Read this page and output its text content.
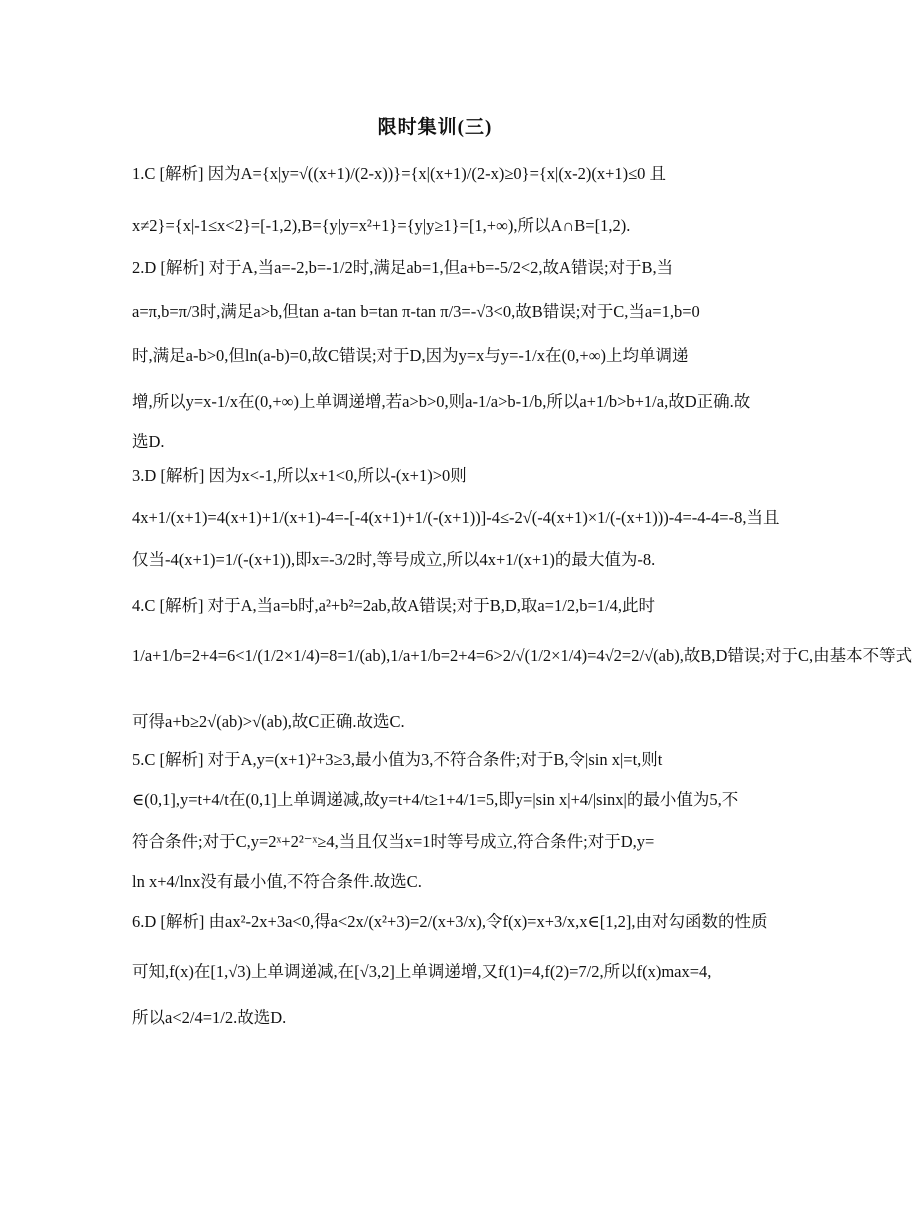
限时集训(三)
1.C [解析] 因为A={x|y=√((x+1)/(2-x))}={x|(x+1)/(2-x)≥0}={x|(x-2)(x+1)≤0 且
x≠2}={x|-1≤x<2}=[-1,2),B={y|y=x²+1}={y|y≥1}=[1,+∞),所以A∩B=[1,2).
2.D [解析] 对于A,当a=-2,b=-1/2时,满足ab=1,但a+b=-5/2<2,故A错误;对于B,当
a=π,b=π/3时,满足a>b,但tan a-tan b=tan π-tan π/3=-√3<0,故B错误;对于C,当a=1,b=0
时,满足a-b>0,但ln(a-b)=0,故C错误;对于D,因为y=x与y=-1/x在(0,+∞)上均单调递
增,所以y=x-1/x在(0,+∞)上单调递增,若a>b>0,则a-1/a>b-1/b,所以a+1/b>b+1/a,故D正确.故
选D.
3.D [解析] 因为x<-1,所以x+1<0,所以-(x+1)>0则
4x+1/(x+1)=4(x+1)+1/(x+1)-4=-[-4(x+1)+1/(-(x+1))]-4≤-2√(-4(x+1)×1/(-(x+1)))-4=-4-4=-8,当且
仅当-4(x+1)=1/(-(x+1)),即x=-3/2时,等号成立,所以4x+1/(x+1)的最大值为-8.
4.C [解析] 对于A,当a=b时,a²+b²=2ab,故A错误;对于B,D,取a=1/2,b=1/4,此时
1/a+1/b=2+4=6<1/(1/2×1/4)=8=1/(ab),1/a+1/b=2+4=6>2/√(1/2×1/4)=4√2=2/√(ab),故B,D错误;对于C,由基本不等式
可得a+b≥2√(ab)>√(ab),故C正确.故选C.
5.C [解析] 对于A,y=(x+1)²+3≥3,最小值为3,不符合条件;对于B,令|sin x|=t,则t
∈(0,1],y=t+4/t在(0,1]上单调递减,故y=t+4/t≥1+4/1=5,即y=|sin x|+4/|sinx|的最小值为5,不
符合条件;对于C,y=2ˣ+2²⁻ˣ≥4,当且仅当x=1时等号成立,符合条件;对于D,y=
ln x+4/lnx没有最小值,不符合条件.故选C.
6.D [解析] 由ax²-2x+3a<0,得a<2x/(x²+3)=2/(x+3/x),令f(x)=x+3/x,x∈[1,2],由对勾函数的性质
可知,f(x)在[1,√3)上单调递减,在[√3,2]上单调递增,又f(1)=4,f(2)=7/2,所以f(x)max=4,
所以a<2/4=1/2.故选D.
